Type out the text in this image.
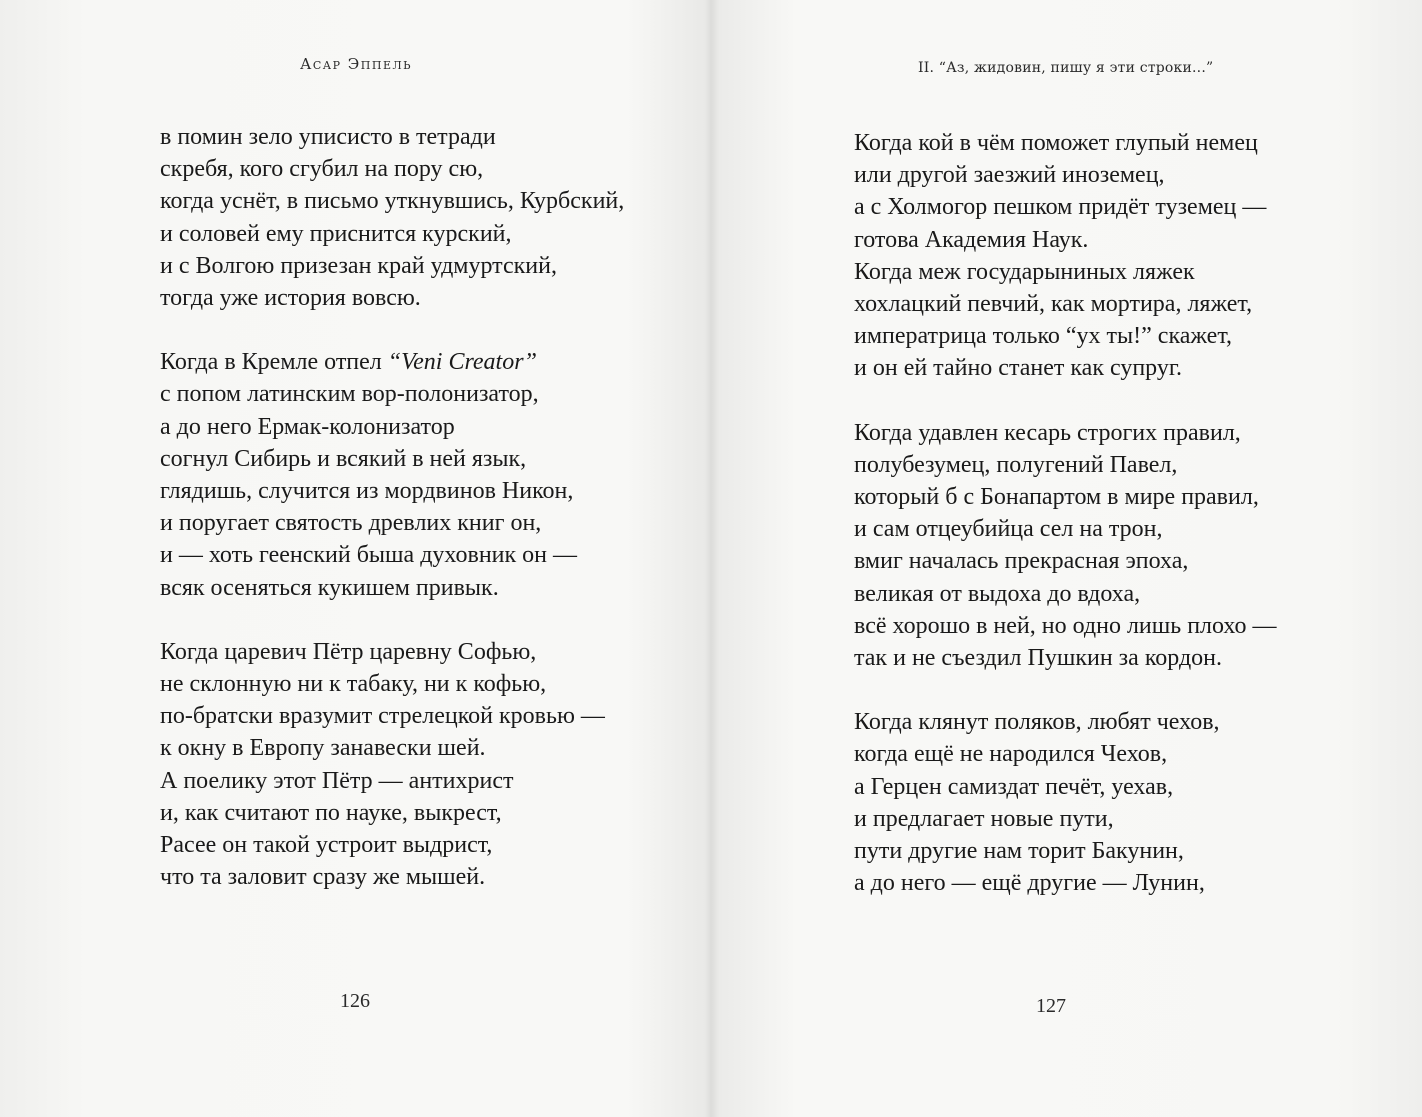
Асар Эппель
в помин зело уписисто в тетради
скребя, кого сгубил на пору сю,
когда уснёт, в письмо уткнувшись, Курбский,
и соловей ему приснится курский,
и с Волгою призезан край удмуртский,
тогда уже история вовсю.
Когда в Кремле отпел “Veni Creator”
с попом латинским вор-полонизатор,
а до него Ермак-колонизатор
согнул Сибирь и всякий в ней язык,
глядишь, случится из мордвинов Никон,
и поругает святость древлих книг он,
и — хоть геенский быша духовник он —
всяк осеняться кукишем привык.
Когда царевич Пётр царевну Софью,
не склонную ни к табаку, ни к кофью,
по-братски вразумит стрелецкой кровью —
к окну в Европу занавески шей.
А поелику этот Пётр — антихрист
и, как считают по науке, выкрест,
Расее он такой устроит выдрист,
что та заловит сразу же мышей.
126
II. “Аз, жидовин, пишу я эти строки...”
Когда кой в чём поможет глупый немец
или другой заезжий иноземец,
а с Холмогор пешком придёт туземец —
готова Академия Наук.
Когда меж государыниных ляжек
хохлацкий певчий, как мортира, ляжет,
императрица только “ух ты!” скажет,
и он ей тайно станет как супруг.
Когда удавлен кесарь строгих правил,
полубезумец, полугений Павел,
который б с Бонапартом в мире правил,
и сам отцеубийца сел на трон,
вмиг началась прекрасная эпоха,
великая от выдоха до вдоха,
всё хорошо в ней, но одно лишь плохо —
так и не съездил Пушкин за кордон.
Когда клянут поляков, любят чехов,
когда ещё не народился Чехов,
а Герцен самиздат печёт, уехав,
и предлагает новые пути,
пути другие нам торит Бакунин,
а до него — ещё другие — Лунин,
127
